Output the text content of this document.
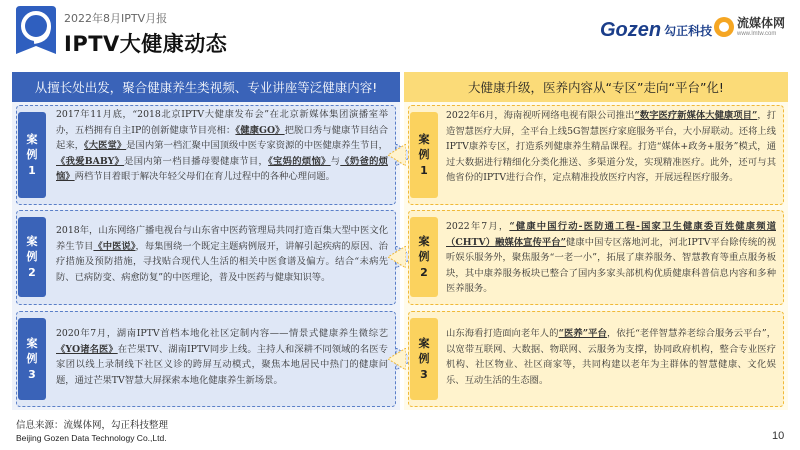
2022年8月IPTV月报
IPTV大健康动态
Gozen 勾正科技
流媒体网
www.lmtw.com
从擅长处出发，聚合健康养生类视频、专业讲座等泛健康内容!	大健康升级，医养内容从“专区”走向“平台”化!
案
例
1
2017年11月底，“2018北京IPTV大健康发布会”在北京新媒体集团演播室举办，五档拥有自主IP的创新健康节目亮相：《健康GO》把脱口秀与健康节目结合起来，《大医堂》是国内第一档汇聚中国顶级中医专家资源的中医健康养生节目，《我爱BABY》是国内第一档目播母婴健康节目，《宝妈的烦恼》与《奶爸的烦恼》两档节目着眼于解决年轻父母们在育儿过程中的各种心理问题。
案
例
2
2018年，山东网络广播电视台与山东省中医药管理局共同打造百集大型中医文化养生节目《中医说》，每集围绕一个既定主题病例展开，讲解引起疾病的原因、治疗措施及预防措施，寻找贴合现代人生活的相关中医食谱及偏方。结合“未病先防、已病防变、病愈防复”的中医理论，普及中医药与健康知识等。
案
例
3
2020年7月，湖南IPTV首档本地化社区定制内容——情景式健康养生微综艺《YO诸名医》在芒果TV、湖南IPTV同步上线。主持人和深耕不同领域的名医专家团以线上录制线下社区义诊的跨屏互动模式，聚焦本地居民中热门的健康问题，通过芒果TV智慧大屏探索本地化健康养生新场景。
案
例
1
2022年6月，海南视听网络电视有限公司推出“数字医疗新媒体大健康项目”，打造智慧医疗大屏，全平台上线5G智慧医疗家庭服务平台，大小屏联动。还将上线IPTV康养专区，打造系列健康养生精品课程。打造“媒体+政务+服务”模式，通过大数据进行精细化分类化推送、多渠道分发，实现精准医疗。此外，还可与其他省份的IPTV进行合作，定点精准投放医疗内容，开展远程医疗服务。
案
例
2
2022年7月，“健康中国行动-医防通工程-国家卫生健康委百姓健康频道（CHTV）融媒体宣传平台”健康中国专区落地河北，河北IPTV平台除传统的视听娱乐服务外，聚焦服务“一老一小”，拓展了康养服务、智慧教育等重点服务板块，其中康养服务板块已整合了国内多家头部机构优质健康科普信息内容和多种医养服务。
案
例
3
山东海看打造面向老年人的“医养”平台，依托“老伴智慧养老综合服务云平台”，以宽带互联网、大数据、物联网、云服务为支撑，协同政府机构，整合专业医疗机构、社区物业、社区商家等，共同构建以老年为主群体的智慧健康、文化娱乐、互动生活的生态圈。
信息来源：流媒体网，勾正科技整理
Beijing Gozen Data Technology Co.,Ltd.	10
